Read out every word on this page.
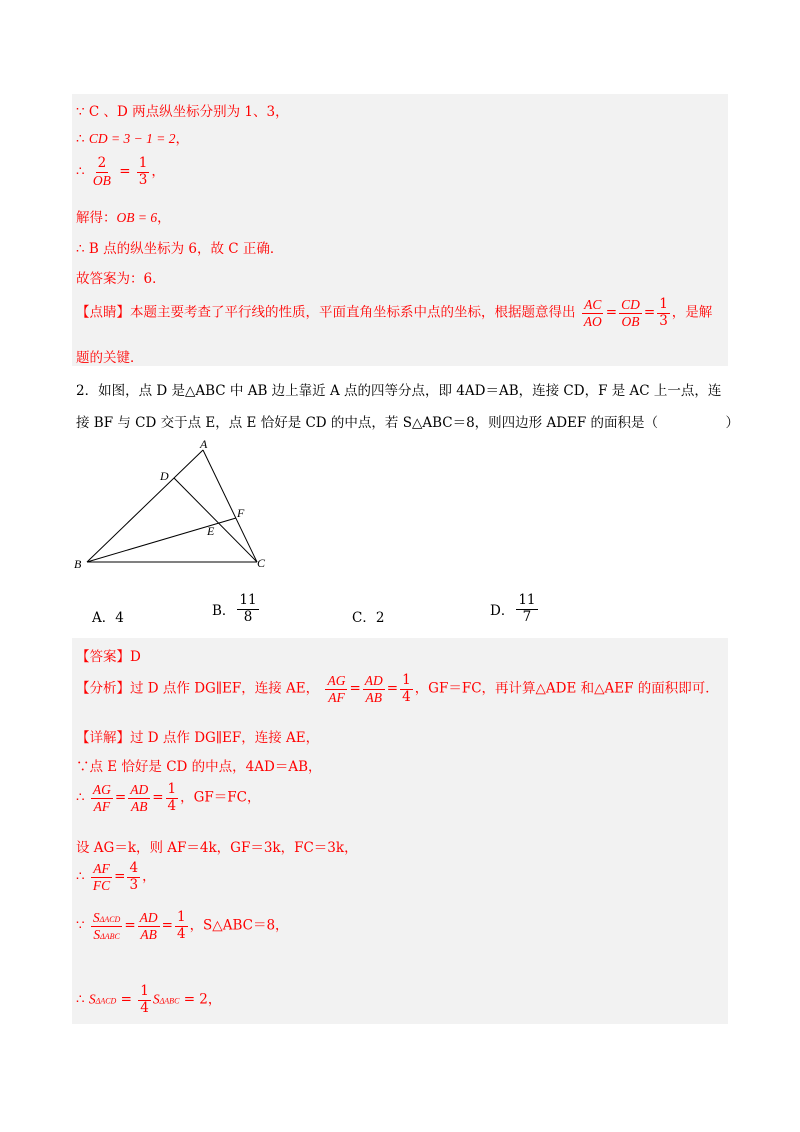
∵ C 、D 两点纵坐标分别为 1、3，
∴ CD = 3 − 1 = 2，
∴ $\frac{2}{OB} = \frac{1}{3}$ ，
解得：OB = 6，
∴ B 点的纵坐标为 6，故 C 正确．
故答案为：6．
【点睛】本题主要考查了平行线的性质，平面直角坐标系中点的坐标，根据题意得出 $\frac{AC}{AO} = \frac{CD}{OB} = \frac{1}{3}$ ，是解
题的关键．
2．如图，点 D 是△ABC 中 AB 边上靠近 A 点的四等分点，即 4AD＝AB，连接 CD，F 是 AC 上一点，连
接 BF 与 CD 交于点 E，点 E 恰好是 CD 的中点，若 S△ABC＝8，则四边形 ADEF 的面积是（　　　　　）
A
B	C
D
E
F
A．4	B． $\frac{11}{8}$	C．2	D． $\frac{11}{7}$
【答案】D
【分析】过 D 点作 DG∥EF，连接 AE， $\frac{AG}{AF} = \frac{AD}{AB} = \frac{1}{4}$ ，GF＝FC，再计算△ADE 和△AEF 的面积即可．
【详解】过 D 点作 DG∥EF，连接 AE，
∵点 E 恰好是 CD 的中点，4AD＝AB，
∴ $\frac{AG}{AF} = \frac{AD}{AB} = \frac{1}{4}$ ，GF＝FC，
设 AG＝k，则 AF＝4k，GF＝3k，FC＝3k，
∴ $\frac{AF}{FC} = \frac{4}{3}$ ，
∵ $\frac{\text{SΔACD}}{\text{SΔABC}} = \frac{AD}{AB} = \frac{1}{4}$ ，S△ABC＝8，
∴ $S\Delta ACD = \frac{1}{4}$ SΔABC = 2，
